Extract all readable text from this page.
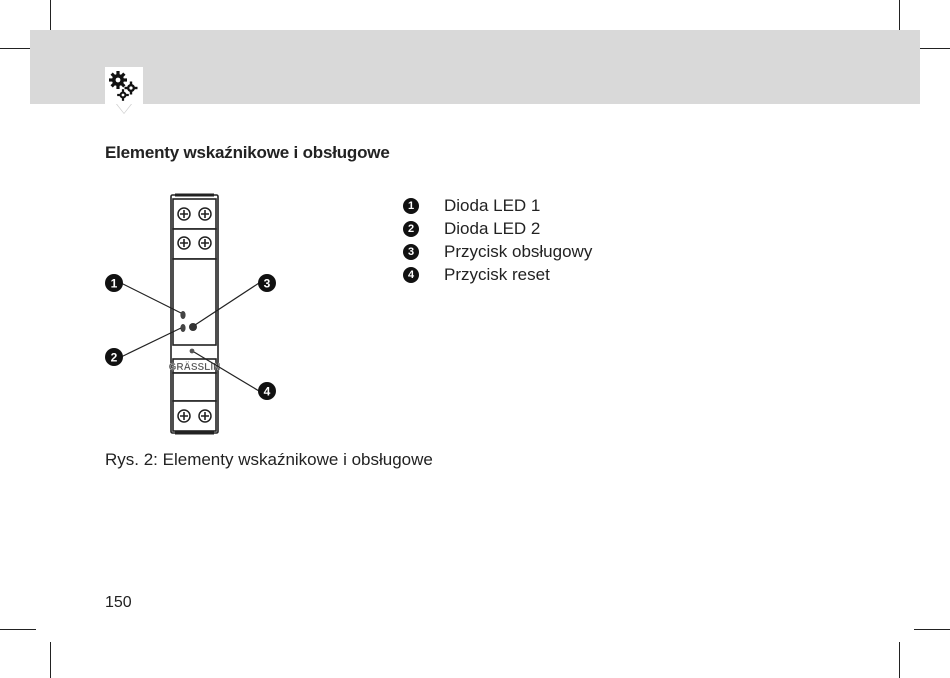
Elementy wskaźnikowe i obsługowe
GRÄSSLIN
1
2
3
4
1 Dioda LED 1
2 Dioda LED 2
3 Przycisk obsługowy
4 Przycisk reset
Rys. 2: Elementy wskaźnikowe i obsługowe
150
